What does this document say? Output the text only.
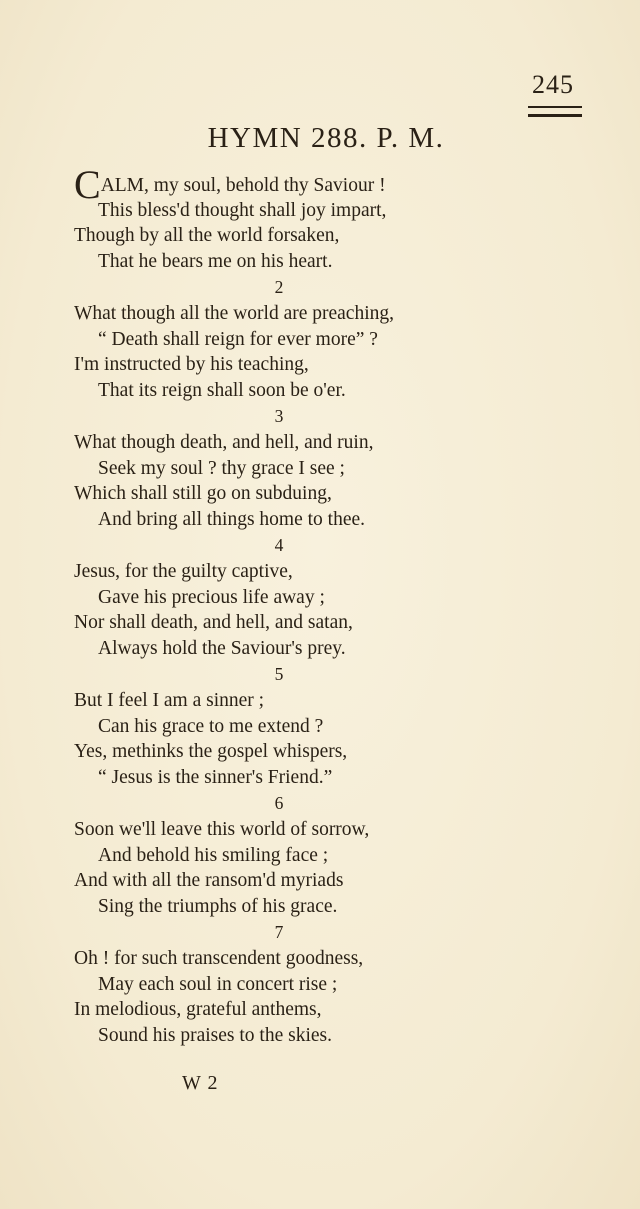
245
HYMN 288. P. M.
CALM, my soul, behold thy Saviour !
This bless'd thought shall joy impart,
Though by all the world forsaken,
That he bears me on his heart.
2
What though all the world are preaching,
“ Death shall reign for ever more” ?
I'm instructed by his teaching,
That its reign shall soon be o'er.
3
What though death, and hell, and ruin,
Seek my soul ? thy grace I see ;
Which shall still go on subduing,
And bring all things home to thee.
4
Jesus, for the guilty captive,
Gave his precious life away ;
Nor shall death, and hell, and satan,
Always hold the Saviour's prey.
5
But I feel I am a sinner ;
Can his grace to me extend ?
Yes, methinks the gospel whispers,
“ Jesus is the sinner's Friend.”
6
Soon we'll leave this world of sorrow,
And behold his smiling face ;
And with all the ransom'd myriads
Sing the triumphs of his grace.
7
Oh ! for such transcendent goodness,
May each soul in concert rise ;
In melodious, grateful anthems,
Sound his praises to the skies.
W 2
